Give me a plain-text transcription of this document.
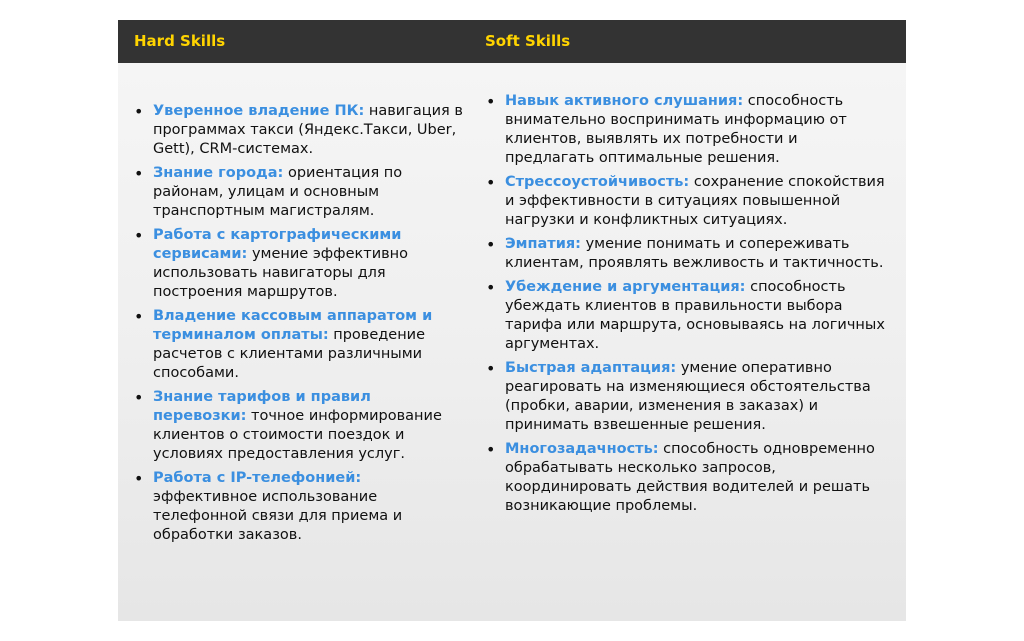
Hard Skills	Soft Skills
• Уверенное владение ПК: навигация в программах такси (Яндекс.Такси, Uber, Gett), CRM-системах.
• Знание города: ориентация по районам, улицам и основным транспортным магистралям.
• Работа с картографическими сервисами: умение эффективно использовать навигаторы для построения маршрутов.
• Владение кассовым аппаратом и терминалом оплаты: проведение расчетов с клиентами различными способами.
• Знание тарифов и правил перевозки: точное информирование клиентов о стоимости поездок и условиях предоставления услуг.
• Работа с IP-телефонией: эффективное использование телефонной связи для приема и обработки заказов.
• Навык активного слушания: способность внимательно воспринимать информацию от клиентов, выявлять их потребности и предлагать оптимальные решения.
• Стрессоустойчивость: сохранение спокойствия и эффективности в ситуациях повышенной нагрузки и конфликтных ситуациях.
• Эмпатия: умение понимать и сопереживать клиентам, проявлять вежливость и тактичность.
• Убеждение и аргументация: способность убеждать клиентов в правильности выбора тарифа или маршрута, основываясь на логичных аргументах.
• Быстрая адаптация: умение оперативно реагировать на изменяющиеся обстоятельства (пробки, аварии, изменения в заказах) и принимать взвешенные решения.
• Многозадачность: способность одновременно обрабатывать несколько запросов, координировать действия водителей и решать возникающие проблемы.
